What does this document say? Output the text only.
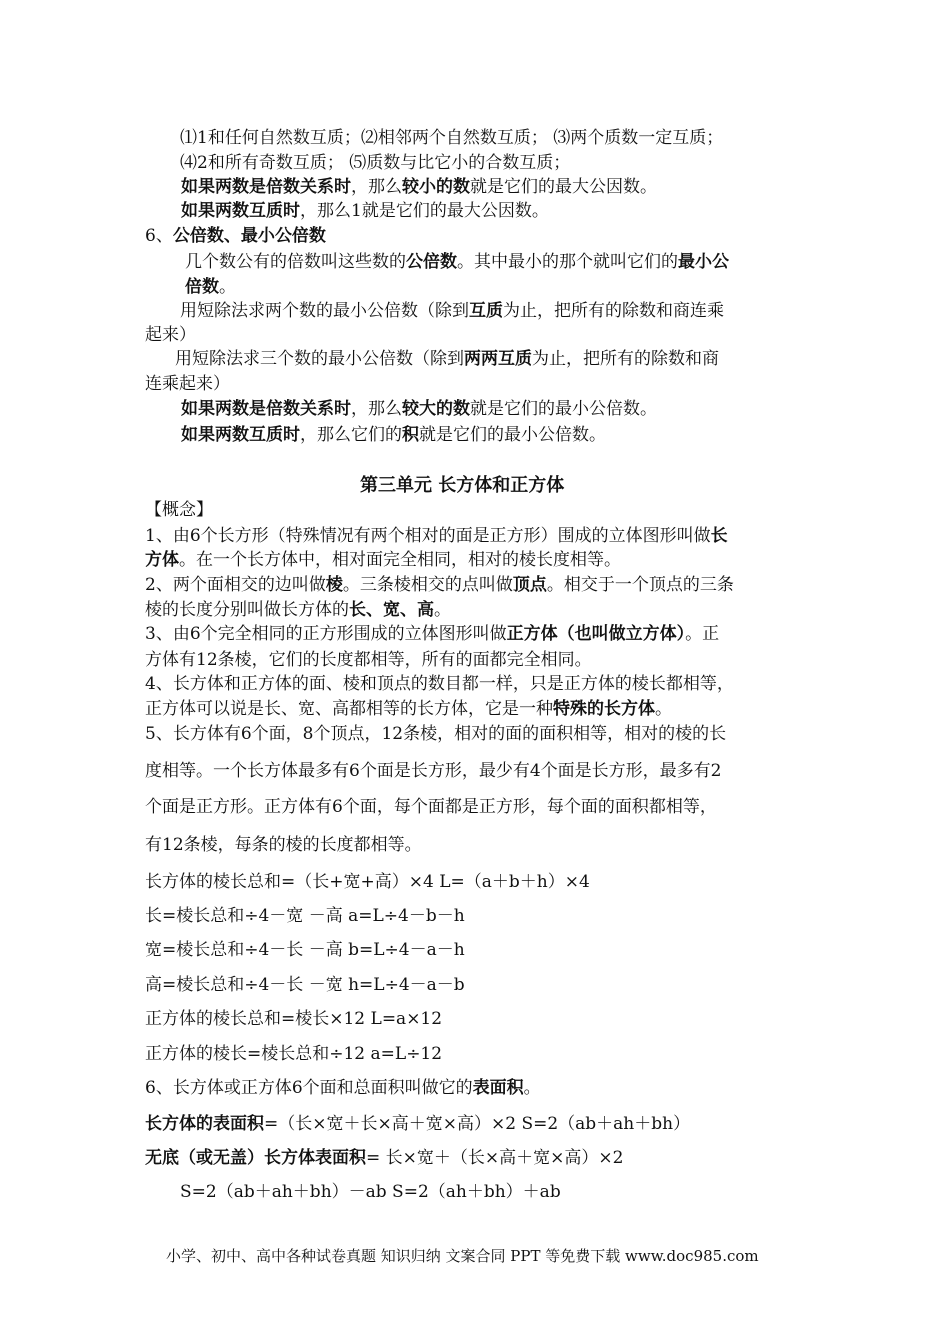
⑴1和任何自然数互质；⑵相邻两个自然数互质； ⑶两个质数一定互质；
⑷2和所有奇数互质； ⑸质数与比它小的合数互质；
如果两数是倍数关系时，那么较小的数就是它们的最大公因数。
如果两数互质时，那么1就是它们的最大公因数。
6、公倍数、最小公倍数
几个数公有的倍数叫这些数的公倍数。其中最小的那个就叫它们的最小公
倍数。
用短除法求两个数的最小公倍数（除到互质为止，把所有的除数和商连乘
起来）
用短除法求三个数的最小公倍数（除到两两互质为止，把所有的除数和商
连乘起来）
如果两数是倍数关系时，那么较大的数就是它们的最小公倍数。
如果两数互质时，那么它们的积就是它们的最小公倍数。
第三单元 长方体和正方体
【概念】
1、由6个长方形（特殊情况有两个相对的面是正方形）围成的立体图形叫做长
方体。在一个长方体中，相对面完全相同，相对的棱长度相等。
2、两个面相交的边叫做棱。三条棱相交的点叫做顶点。相交于一个顶点的三条
棱的长度分别叫做长方体的长、宽、高。
3、由6个完全相同的正方形围成的立体图形叫做正方体（也叫做立方体）。正
方体有12条棱，它们的长度都相等，所有的面都完全相同。
4、长方体和正方体的面、棱和顶点的数目都一样，只是正方体的棱长都相等，
正方体可以说是长、宽、高都相等的长方体，它是一种特殊的长方体。
5、长方体有6个面，8个顶点，12条棱，相对的面的面积相等，相对的棱的长
度相等。一个长方体最多有6个面是长方形，最少有4个面是长方形，最多有2
个面是正方形。正方体有6个面，每个面都是正方形，每个面的面积都相等，
有12条棱，每条的棱的长度都相等。
长方体的棱长总和=（长+宽+高）×4 L=（a＋b＋h）×4
长=棱长总和÷4－宽 －高 a=L÷4－b－h
宽=棱长总和÷4－长 －高 b=L÷4－a－h
高=棱长总和÷4－长 －宽 h=L÷4－a－b
正方体的棱长总和=棱长×12 L=a×12
正方体的棱长=棱长总和÷12 a=L÷12
6、长方体或正方体6个面和总面积叫做它的表面积。
长方体的表面积=（长×宽＋长×高＋宽×高）×2 S=2（ab＋ah＋bh）
无底（或无盖）长方体表面积= 长×宽＋（长×高＋宽×高）×2
S=2（ab＋ah＋bh）－ab S=2（ah＋bh）＋ab
小学、初中、高中各种试卷真题 知识归纳 文案合同 PPT 等免费下载 www.doc985.com
